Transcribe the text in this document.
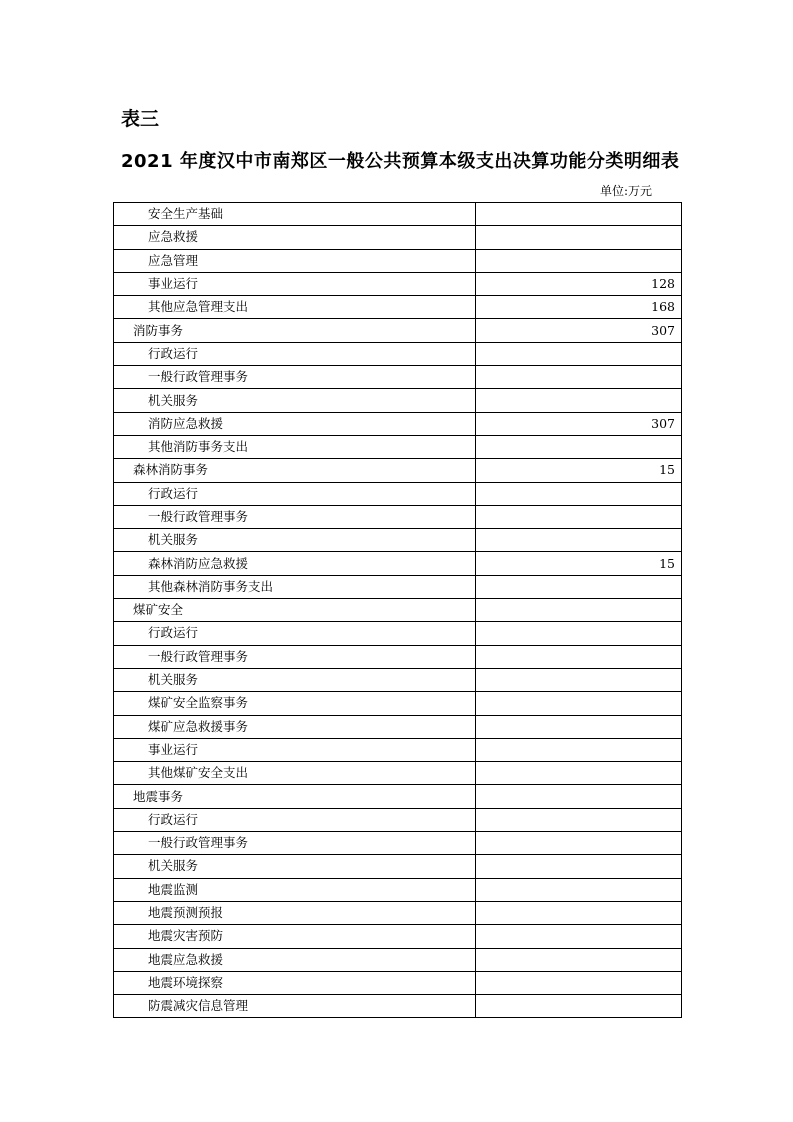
表三
2021 年度汉中市南郑区一般公共预算本级支出决算功能分类明细表
单位:万元
安全生产基础	
应急救援	
应急管理	
事业运行	128
其他应急管理支出	168
消防事务	307
行政运行	
一般行政管理事务	
机关服务	
消防应急救援	307
其他消防事务支出	
森林消防事务	15
行政运行	
一般行政管理事务	
机关服务	
森林消防应急救援	15
其他森林消防事务支出	
煤矿安全	
行政运行	
一般行政管理事务	
机关服务	
煤矿安全监察事务	
煤矿应急救援事务	
事业运行	
其他煤矿安全支出	
地震事务	
行政运行	
一般行政管理事务	
机关服务	
地震监测	
地震预测预报	
地震灾害预防	
地震应急救援	
地震环境探察	
防震减灾信息管理	
